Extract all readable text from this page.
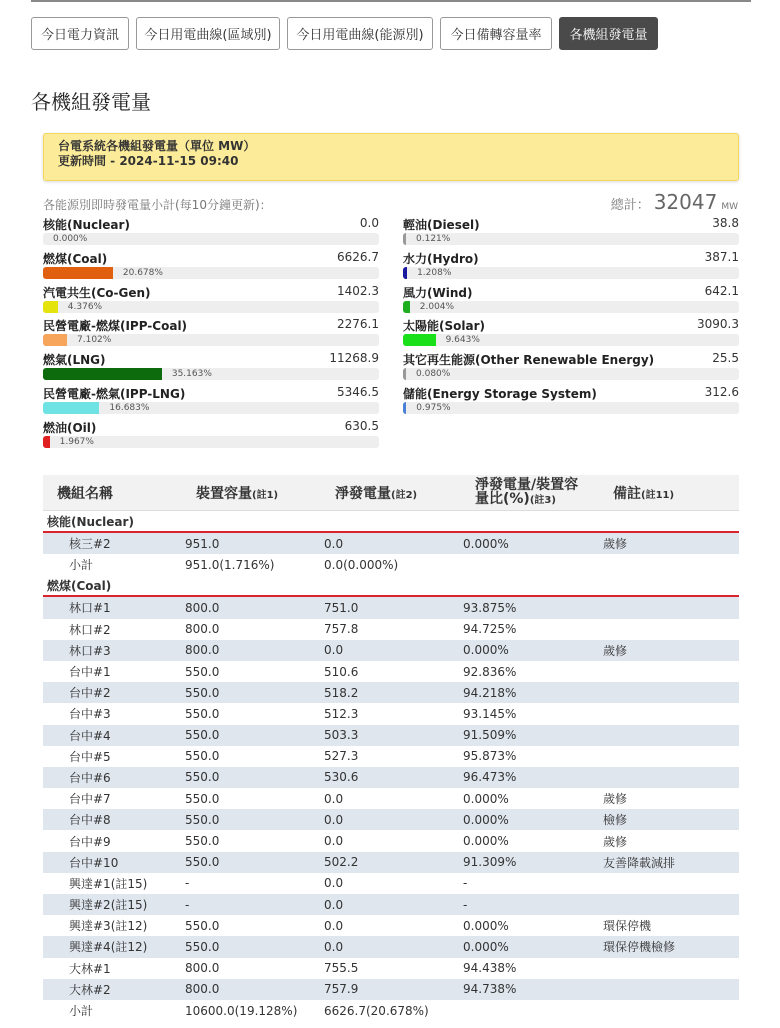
今日電力資訊	今日用電曲線(區域別)	今日用電曲線(能源別)	今日備轉容量率	各機組發電量
各機組發電量
台電系統各機組發電量（單位 MW）
更新時間 - 2024-11-15 09:40
各能源別即時發電量小計(每10分鐘更新)：	總計： 32047 MW
核能(Nuclear)	0.0
0.000%
燃煤(Coal)	6626.7
20.678%
汽電共生(Co-Gen)	1402.3
4.376%
民營電廠-燃煤(IPP-Coal)	2276.1
7.102%
燃氣(LNG)	11268.9
35.163%
民營電廠-燃氣(IPP-LNG)	5346.5
16.683%
燃油(Oil)	630.5
1.967%
輕油(Diesel)	38.8
0.121%
水力(Hydro)	387.1
1.208%
風力(Wind)	642.1
2.004%
太陽能(Solar)	3090.3
9.643%
其它再生能源(Other Renewable Energy)	25.5
0.080%
儲能(Energy Storage System)	312.6
0.975%
機組名稱	裝置容量 (註1)	淨發電量 (註2)
淨發電量/裝置容
量比(%)(註3)	備註 (註11)
核能(Nuclear)
核三#2	951.0	0.0	0.000%	歲修
小計	951.0(1.716%)	0.0(0.000%)
燃煤(Coal)
林口#1	800.0	751.0	93.875%
林口#2	800.0	757.8	94.725%
林口#3	800.0	0.0	0.000%	歲修
台中#1	550.0	510.6	92.836%
台中#2	550.0	518.2	94.218%
台中#3	550.0	512.3	93.145%
台中#4	550.0	503.3	91.509%
台中#5	550.0	527.3	95.873%
台中#6	550.0	530.6	96.473%
台中#7	550.0	0.0	0.000%	歲修
台中#8	550.0	0.0	0.000%	檢修
台中#9	550.0	0.0	0.000%	歲修
台中#10	550.0	502.2	91.309%	友善降載減排
興達#1(註15)	-	0.0	-
興達#2(註15)	-	0.0	-
興達#3(註12)	550.0	0.0	0.000%	環保停機
興達#4(註12)	550.0	0.0	0.000%	環保停機檢修
大林#1	800.0	755.5	94.438%
大林#2	800.0	757.9	94.738%
小計	10600.0(19.128%) 6626.7(20.678%)
